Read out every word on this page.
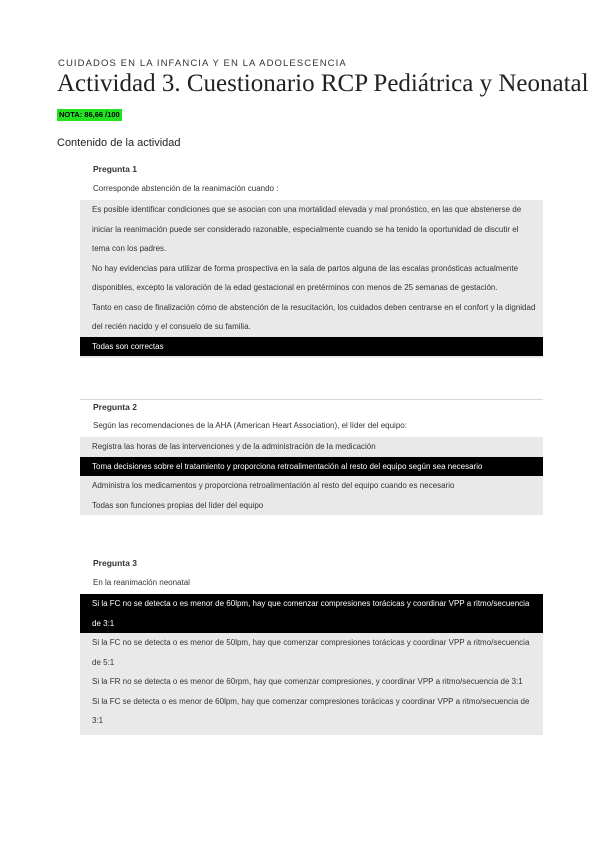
CUIDADOS EN LA INFANCIA Y EN LA ADOLESCENCIA
Actividad 3. Cuestionario RCP Pediátrica y Neonatal
NOTA: 86,66 /100
Contenido de la actividad
Pregunta 1
Corresponde abstención de la reanimación cuando :
Es posible identificar condiciones que se asocian con una mortalidad elevada y mal pronóstico, en las que abstenerse de iniciar la reanimación puede ser considerado razonable, especialmente cuando se ha tenido la oportunidad de discutir el tema con los padres.
No hay evidencias para utilizar de forma prospectiva en la sala de partos alguna de las escalas pronósticas actualmente disponibles, excepto la valoración de la edad gestacional en pretérminos con menos de 25 semanas de gestación.
Tanto en caso de finalización cómo de abstención de la resucitación, los cuidados deben centrarse en el confort y la dignidad del recién nacido y el consuelo de su familia.
Todas son correctas
Pregunta 2
Según las recomendaciones de la AHA (American Heart Association), el líder del equipo:
Registra las horas de las intervenciones y de la administración de la medicación
Toma decisiones sobre el tratamiento y proporciona retroalimentación al resto del equipo según sea necesario
Administra los medicamentos y proporciona retroalimentación al resto del equipo cuando es necesario
Todas son funciones propias del líder del equipo
Pregunta 3
En la reanimación neonatal
Si la FC no se detecta o es menor de 60lpm, hay que comenzar compresiones torácicas y coordinar VPP a ritmo/secuencia de 3:1
Si la FC no se detecta o es menor de 50lpm, hay que comenzar compresiones torácicas y coordinar VPP a ritmo/secuencia de 5:1
Si la FR no se detecta o es menor de 60rpm, hay que comenzar compresiones, y coordinar VPP a ritmo/secuencia de 3:1
Si la FC se detecta o es menor de 60lpm, hay que comenzar compresiones torácicas y coordinar VPP a ritmo/secuencia de 3:1
